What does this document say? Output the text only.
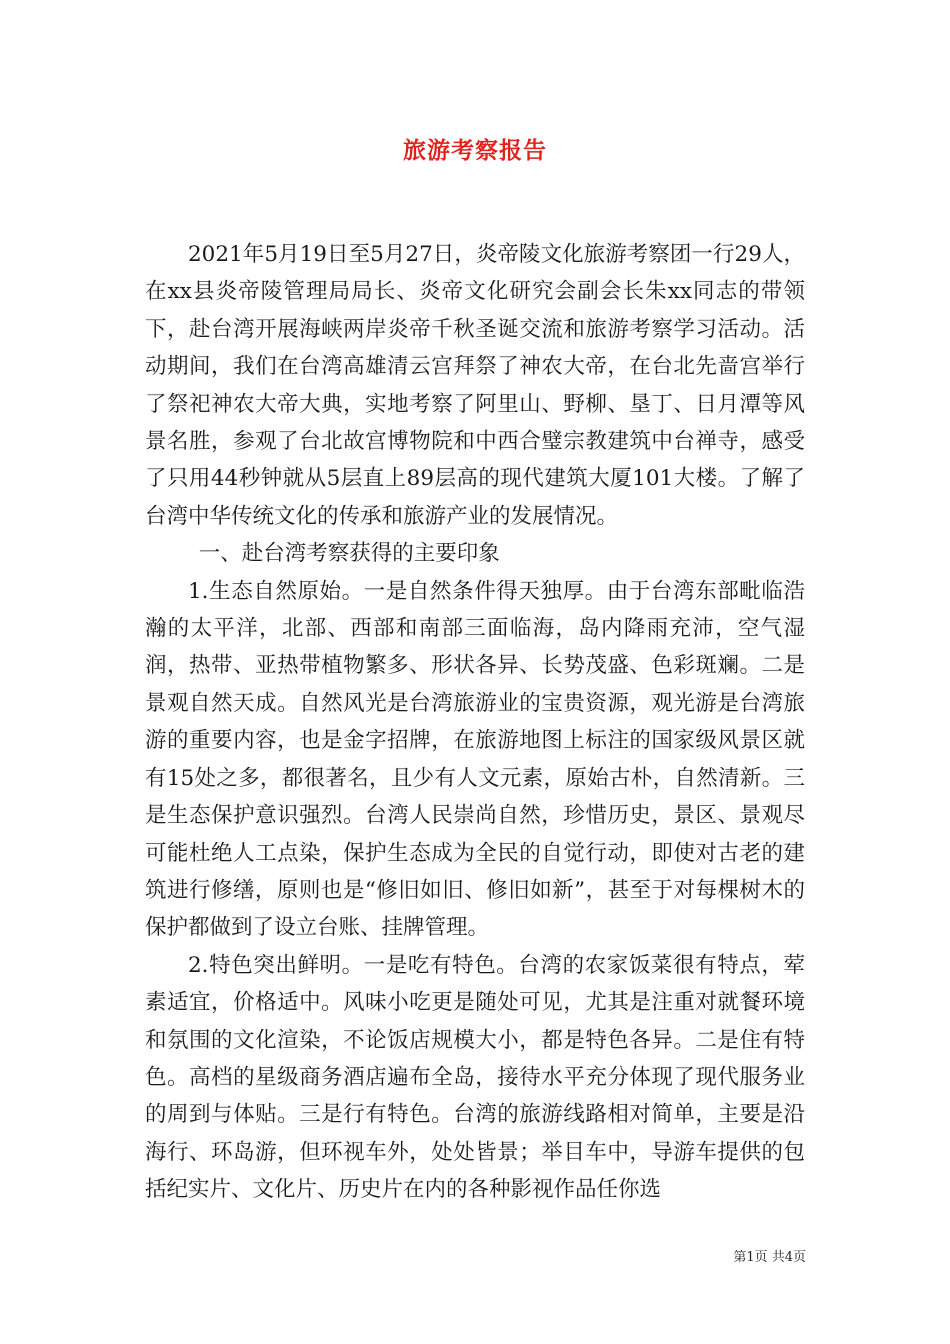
旅游考察报告

2021年5月19日至5月27日，炎帝陵文化旅游考察团一行29人，在xx县炎帝陵管理局局长、炎帝文化研究会副会长朱xx同志的带领下，赴台湾开展海峡两岸炎帝千秋圣诞交流和旅游考察学习活动。活动期间，我们在台湾高雄清云宫拜祭了神农大帝，在台北先啬宫举行了祭祀神农大帝大典，实地考察了阿里山、野柳、垦丁、日月潭等风景名胜，参观了台北故宫博物院和中西合璧宗教建筑中台禅寺，感受了只用44秒钟就从5层直上89层高的现代建筑大厦101大楼。了解了台湾中华传统文化的传承和旅游产业的发展情况。

一、赴台湾考察获得的主要印象

1.生态自然原始。一是自然条件得天独厚。由于台湾东部毗临浩瀚的太平洋，北部、西部和南部三面临海，岛内降雨充沛，空气湿润，热带、亚热带植物繁多、形状各异、长势茂盛、色彩斑斓。二是景观自然天成。自然风光是台湾旅游业的宝贵资源，观光游是台湾旅游的重要内容，也是金字招牌，在旅游地图上标注的国家级风景区就有15处之多，都很著名，且少有人文元素，原始古朴，自然清新。三是生态保护意识强烈。台湾人民崇尚自然，珍惜历史，景区、景观尽可能杜绝人工点染，保护生态成为全民的自觉行动，即使对古老的建筑进行修缮，原则也是“修旧如旧、修旧如新”，甚至于对每棵树木的保护都做到了设立台账、挂牌管理。

2.特色突出鲜明。一是吃有特色。台湾的农家饭菜很有特点，荤素适宜，价格适中。风味小吃更是随处可见，尤其是注重对就餐环境和氛围的文化渲染，不论饭店规模大小，都是特色各异。二是住有特色。高档的星级商务酒店遍布全岛，接待水平充分体现了现代服务业的周到与体贴。三是行有特色。台湾的旅游线路相对简单，主要是沿海行、环岛游，但环视车外，处处皆景；举目车中，导游车提供的包括纪实片、文化片、历史片在内的各种影视作品任你选

第1页 共4页
